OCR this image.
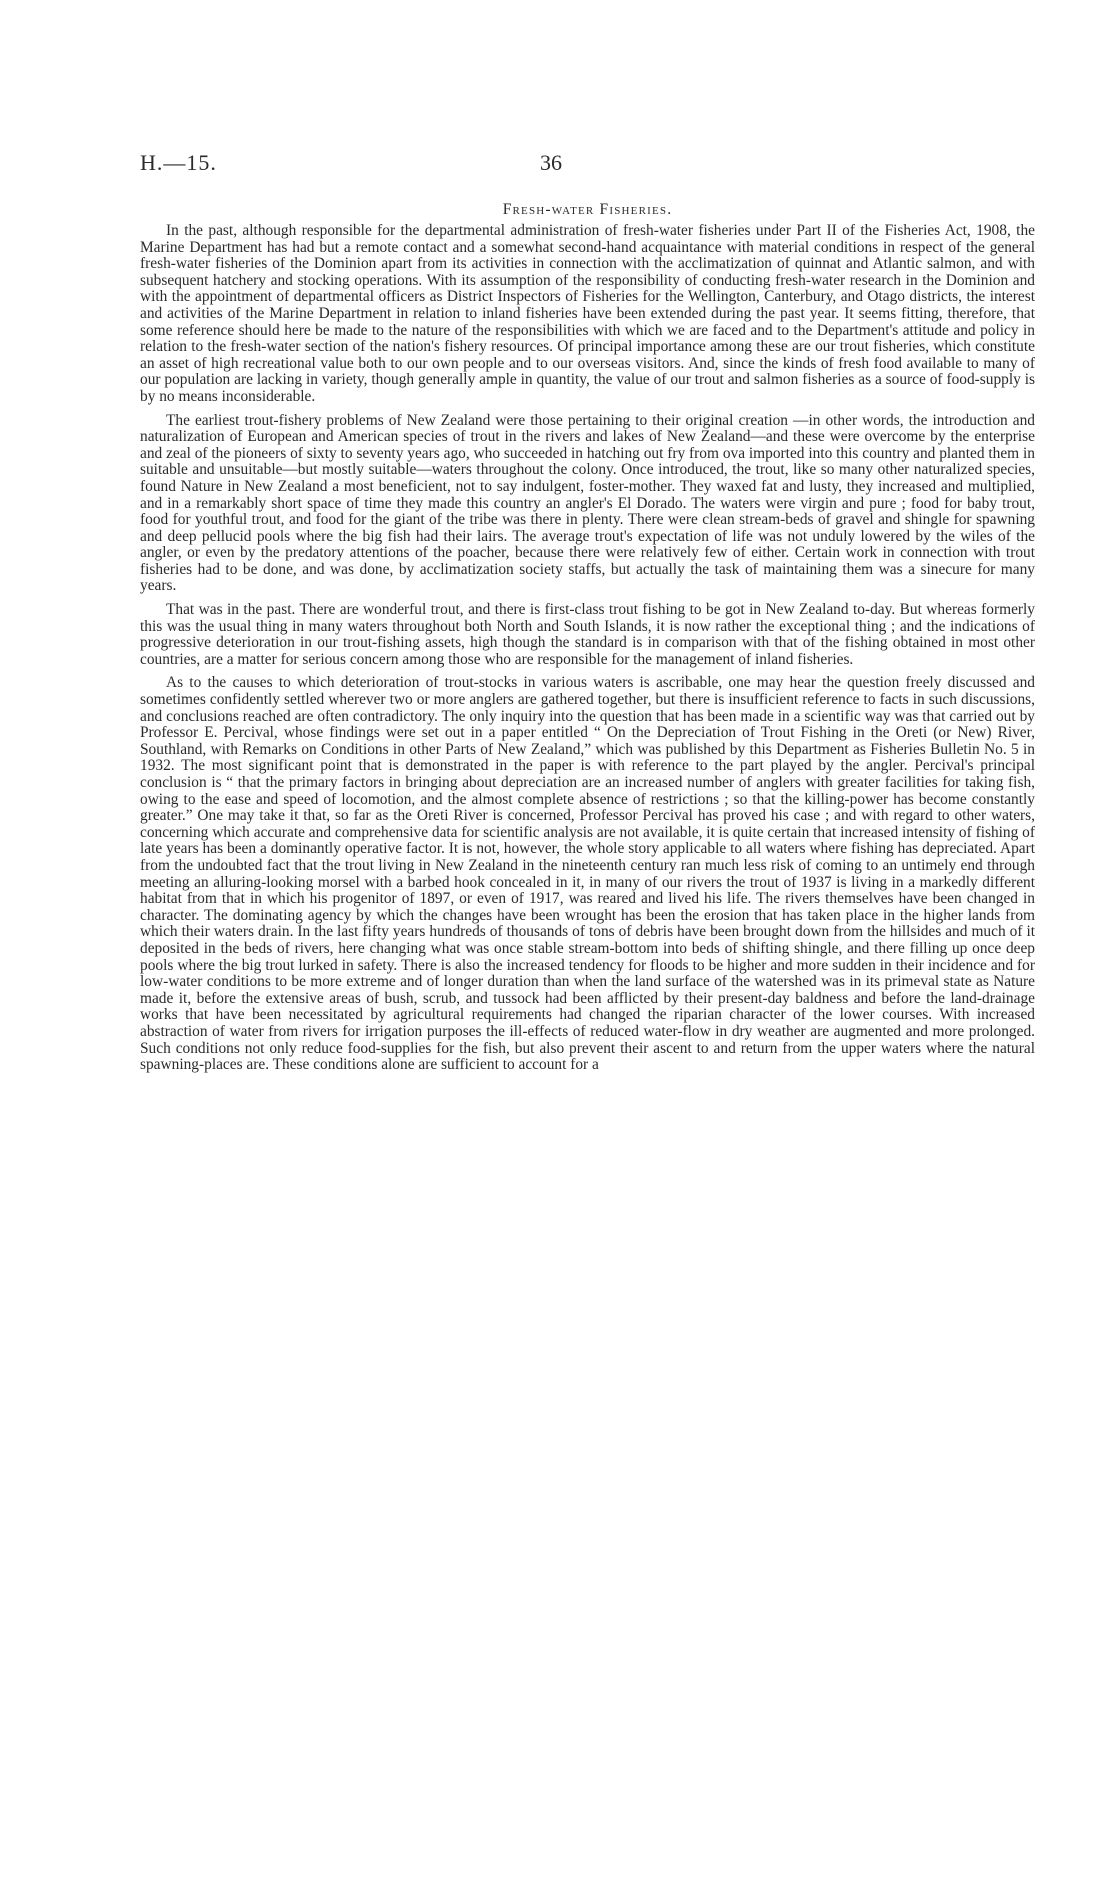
H.—15.	36
Fresh-water Fisheries.

In the past, although responsible for the departmental administration of fresh-water fisheries under Part II of the Fisheries Act, 1908, the Marine Department has had but a remote contact and a somewhat second-hand acquaintance with material conditions in respect of the general fresh-water fisheries of the Dominion apart from its activities in connection with the acclimatization of quinnat and Atlantic salmon, and with subsequent hatchery and stocking operations. With its assumption of the responsibility of conducting fresh-water research in the Dominion and with the appointment of departmental officers as District Inspectors of Fisheries for the Wellington, Canterbury, and Otago districts, the interest and activities of the Marine Department in relation to inland fisheries have been extended during the past year. It seems fitting, therefore, that some reference should here be made to the nature of the responsibilities with which we are faced and to the Department's attitude and policy in relation to the fresh-water section of the nation's fishery resources. Of principal importance among these are our trout fisheries, which constitute an asset of high recreational value both to our own people and to our overseas visitors. And, since the kinds of fresh food available to many of our population are lacking in variety, though generally ample in quantity, the value of our trout and salmon fisheries as a source of food-supply is by no means inconsiderable.

The earliest trout-fishery problems of New Zealand were those pertaining to their original creation —in other words, the introduction and naturalization of European and American species of trout in the rivers and lakes of New Zealand—and these were overcome by the enterprise and zeal of the pioneers of sixty to seventy years ago, who succeeded in hatching out fry from ova imported into this country and planted them in suitable and unsuitable—but mostly suitable—waters throughout the colony. Once introduced, the trout, like so many other naturalized species, found Nature in New Zealand a most beneficient, not to say indulgent, foster-mother. They waxed fat and lusty, they increased and multiplied, and in a remarkably short space of time they made this country an angler's El Dorado. The waters were virgin and pure ; food for baby trout, food for youthful trout, and food for the giant of the tribe was there in plenty. There were clean stream-beds of gravel and shingle for spawning and deep pellucid pools where the big fish had their lairs. The average trout's expectation of life was not unduly lowered by the wiles of the angler, or even by the predatory attentions of the poacher, because there were relatively few of either. Certain work in connection with trout fisheries had to be done, and was done, by acclimatization society staffs, but actually the task of maintaining them was a sinecure for many years.

That was in the past. There are wonderful trout, and there is first-class trout fishing to be got in New Zealand to-day. But whereas formerly this was the usual thing in many waters throughout both North and South Islands, it is now rather the exceptional thing ; and the indications of progressive deterioration in our trout-fishing assets, high though the standard is in comparison with that of the fishing obtained in most other countries, are a matter for serious concern among those who are responsible for the management of inland fisheries.

As to the causes to which deterioration of trout-stocks in various waters is ascribable, one may hear the question freely discussed and sometimes confidently settled wherever two or more anglers are gathered together, but there is insufficient reference to facts in such discussions, and conclusions reached are often contradictory. The only inquiry into the question that has been made in a scientific way was that carried out by Professor E. Percival, whose findings were set out in a paper entitled “ On the Depreciation of Trout Fishing in the Oreti (or New) River, Southland, with Remarks on Conditions in other Parts of New Zealand,” which was published by this Department as Fisheries Bulletin No. 5 in 1932. The most significant point that is demonstrated in the paper is with reference to the part played by the angler. Percival's principal conclusion is “ that the primary factors in bringing about depreciation are an increased number of anglers with greater facilities for taking fish, owing to the ease and speed of locomotion, and the almost complete absence of restrictions ; so that the killing-power has become constantly greater.” One may take it that, so far as the Oreti River is concerned, Professor Percival has proved his case ; and with regard to other waters, concerning which accurate and comprehensive data for scientific analysis are not available, it is quite certain that increased intensity of fishing of late years has been a dominantly operative factor. It is not, however, the whole story applicable to all waters where fishing has depreciated. Apart from the undoubted fact that the trout living in New Zealand in the nineteenth century ran much less risk of coming to an untimely end through meeting an alluring-looking morsel with a barbed hook concealed in it, in many of our rivers the trout of 1937 is living in a markedly different habitat from that in which his progenitor of 1897, or even of 1917, was reared and lived his life. The rivers themselves have been changed in character. The dominating agency by which the changes have been wrought has been the erosion that has taken place in the higher lands from which their waters drain. In the last fifty years hundreds of thousands of tons of debris have been brought down from the hillsides and much of it deposited in the beds of rivers, here changing what was once stable stream-bottom into beds of shifting shingle, and there filling up once deep pools where the big trout lurked in safety. There is also the increased tendency for floods to be higher and more sudden in their incidence and for low-water conditions to be more extreme and of longer duration than when the land surface of the watershed was in its primeval state as Nature made it, before the extensive areas of bush, scrub, and tussock had been afflicted by their present-day baldness and before the land-drainage works that have been necessitated by agricultural requirements had changed the riparian character of the lower courses. With increased abstraction of water from rivers for irrigation purposes the ill-effects of reduced water-flow in dry weather are augmented and more prolonged. Such conditions not only reduce food-supplies for the fish, but also prevent their ascent to and return from the upper waters where the natural spawning-places are. These conditions alone are sufficient to account for a
